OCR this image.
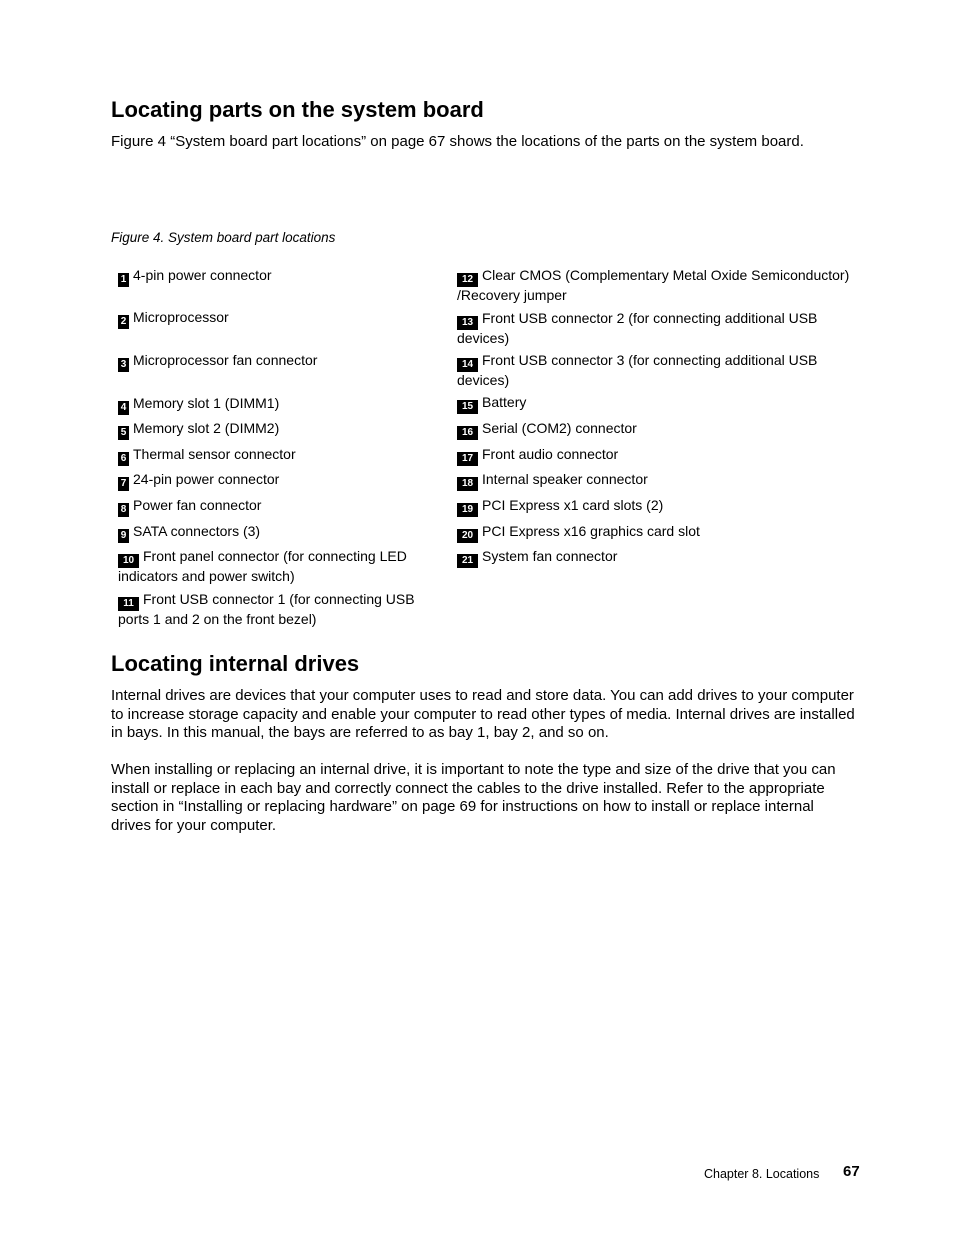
Locating parts on the system board

Figure 4 “System board part locations” on page 67 shows the locations of the parts on the system board.

Figure 4. System board part locations
1 4-pin power connector
2 Microprocessor
3 Microprocessor fan connector
4 Memory slot 1 (DIMM1)
5 Memory slot 2 (DIMM2)
6 Thermal sensor connector
7 24-pin power connector
8 Power fan connector
9 SATA connectors (3)
10 Front panel connector (for connecting LED indicators and power switch)
11 Front USB connector 1 (for connecting USB ports 1 and 2 on the front bezel)
12 Clear CMOS (Complementary Metal Oxide Semiconductor) /Recovery jumper
13 Front USB connector 2 (for connecting additional USB devices)
14 Front USB connector 3 (for connecting additional USB devices)
15 Battery
16 Serial (COM2) connector
17 Front audio connector
18 Internal speaker connector
19 PCI Express x1 card slots (2)
20 PCI Express x16 graphics card slot
21 System fan connector
Locating internal drives

Internal drives are devices that your computer uses to read and store data. You can add drives to your computer to increase storage capacity and enable your computer to read other types of media. Internal drives are installed in bays. In this manual, the bays are referred to as bay 1, bay 2, and so on.

When installing or replacing an internal drive, it is important to note the type and size of the drive that you can install or replace in each bay and correctly connect the cables to the drive installed. Refer to the appropriate section in “Installing or replacing hardware” on page 69 for instructions on how to install or replace internal drives for your computer.

Chapter 8. Locations 67
